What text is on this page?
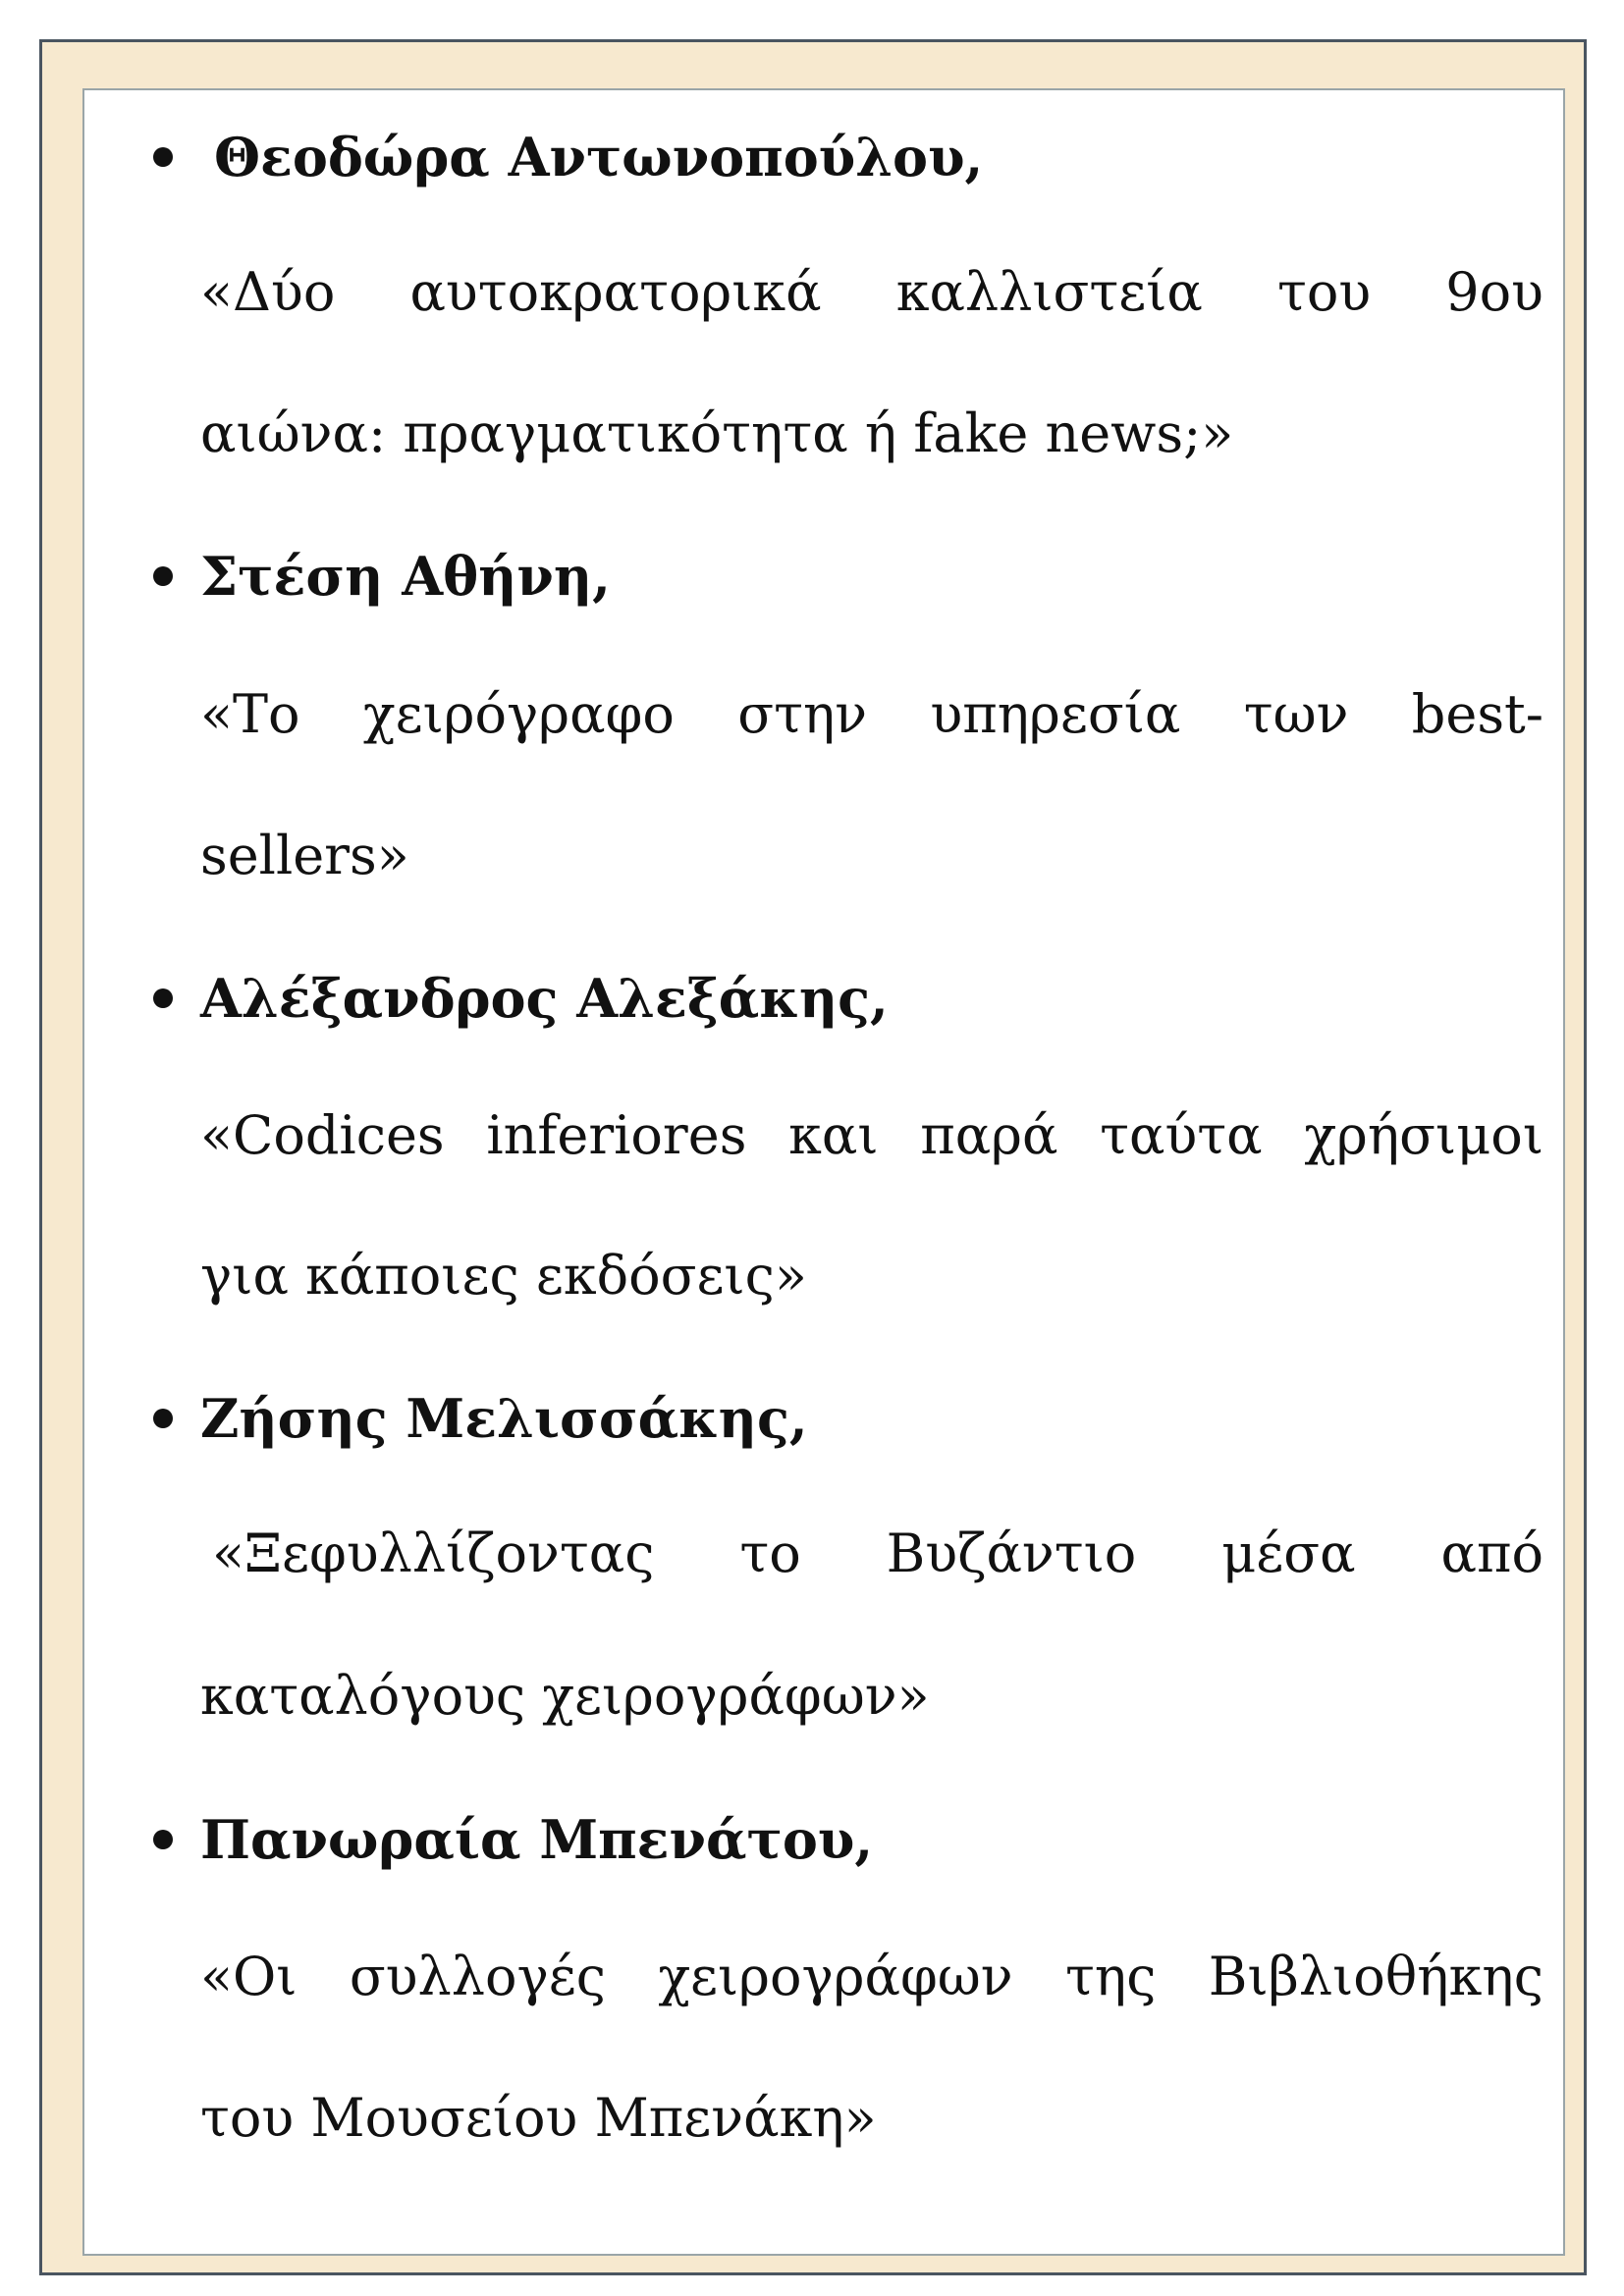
Θεοδώρα Αντωνοπούλου,
«Δύο αυτοκρατορικά καλλιστεία του 9ου
αιώνα: πραγματικότητα ή fake news;»
Στέση Αθήνη,
«Το χειρόγραφο στην υπηρεσία των best-
sellers»
Αλέξανδρος Αλεξάκης,
«Codices inferiores και παρά ταύτα χρήσιμοι
για κάποιες εκδόσεις»
Ζήσης Μελισσάκης,
«Ξεφυλλίζοντας το Βυζάντιο μέσα από
καταλόγους χειρογράφων»
Πανωραία Μπενάτου,
«Οι συλλογές χειρογράφων της Βιβλιοθήκης
του Μουσείου Μπενάκη»
